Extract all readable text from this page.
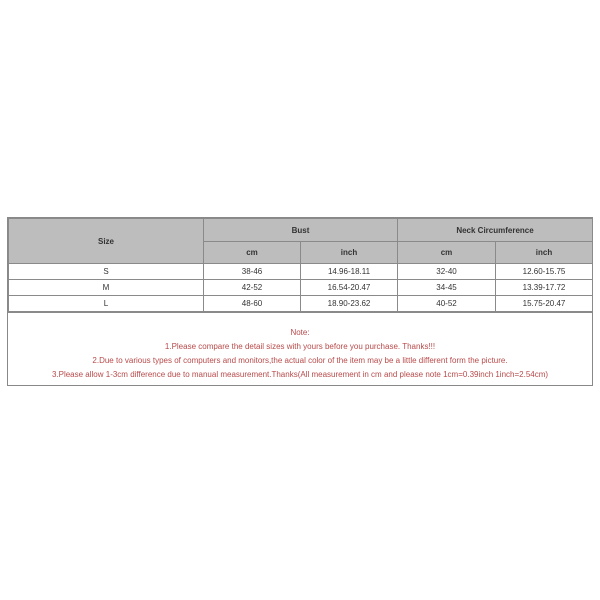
Size	Bust		Neck Circumference	
	cm	inch	cm	inch
S	38-46	14.96-18.11	32-40	12.60-15.75
M	42-52	16.54-20.47	34-45	13.39-17.72
L	48-60	18.90-23.62	40-52	15.75-20.47
Note:
1.Please compare the detail sizes with yours before you purchase. Thanks!!!
2.Due to various types of computers and monitors,the actual color of the item may be a little different form the picture.
3.Please allow 1-3cm difference due to manual measurement.Thanks(All measurement in cm and please note 1cm=0.39inch 1inch=2.54cm)
